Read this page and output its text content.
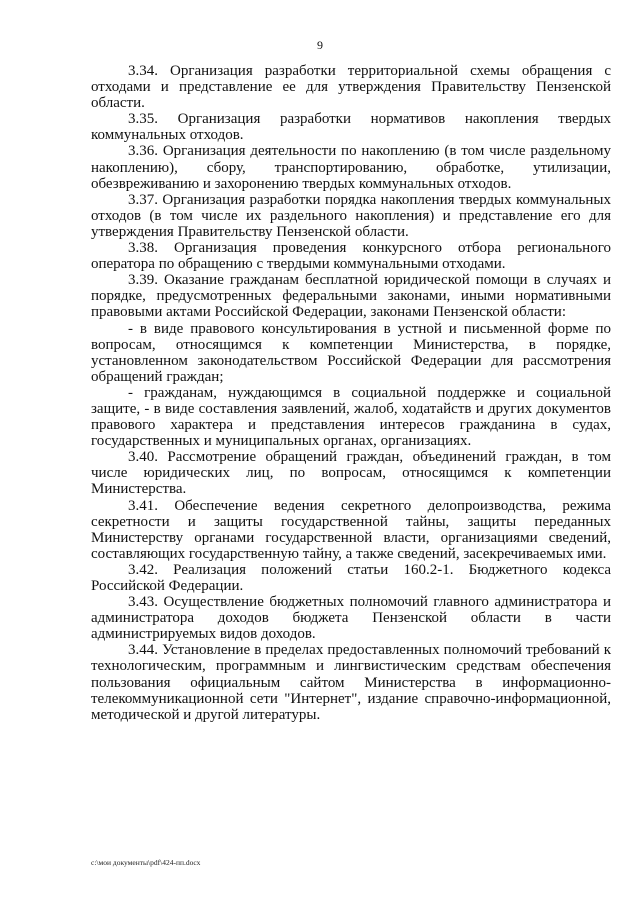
9

3.34. Организация разработки территориальной схемы обращения с отходами и представление ее для утверждения Правительству Пензенской области.

3.35. Организация разработки нормативов накопления твердых коммунальных отходов.

3.36. Организация деятельности по накоплению (в том числе раздельному накоплению), сбору, транспортированию, обработке, утилизации, обезвреживанию и захоронению твердых коммунальных отходов.

3.37. Организация разработки порядка накопления твердых коммунальных отходов (в том числе их раздельного накопления) и представление его для утверждения Правительству Пензенской области.

3.38. Организация проведения конкурсного отбора регионального оператора по обращению с твердыми коммунальными отходами.

3.39. Оказание гражданам бесплатной юридической помощи в случаях и порядке, предусмотренных федеральными законами, иными нормативными правовыми актами Российской Федерации, законами Пензенской области:

- в виде правового консультирования в устной и письменной форме по вопросам, относящимся к компетенции Министерства, в порядке, установленном законодательством Российской Федерации для рассмотрения обращений граждан;

- гражданам, нуждающимся в социальной поддержке и социальной защите, - в виде составления заявлений, жалоб, ходатайств и других документов правового характера и представления интересов гражданина в судах, государственных и муниципальных органах, организациях.

3.40. Рассмотрение обращений граждан, объединений граждан, в том числе юридических лиц, по вопросам, относящимся к компетенции Министерства.

3.41. Обеспечение ведения секретного делопроизводства, режима секретности и защиты государственной тайны, защиты переданных Министерству органами государственной власти, организациями сведений, составляющих государственную тайну, а также сведений, засекречиваемых ими.

3.42. Реализация положений статьи 160.2-1. Бюджетного кодекса Российской Федерации.

3.43. Осуществление бюджетных полномочий главного администратора и администратора доходов бюджета Пензенской области в части администрируемых видов доходов.

3.44. Установление в пределах предоставленных полномочий требований к технологическим, программным и лингвистическим средствам обеспечения пользования официальным сайтом Министерства в информационно-телекоммуникационной сети "Интернет", издание справочно-информационной, методической и другой литературы.

c:\мои документы\pdf\424-пп.docx
